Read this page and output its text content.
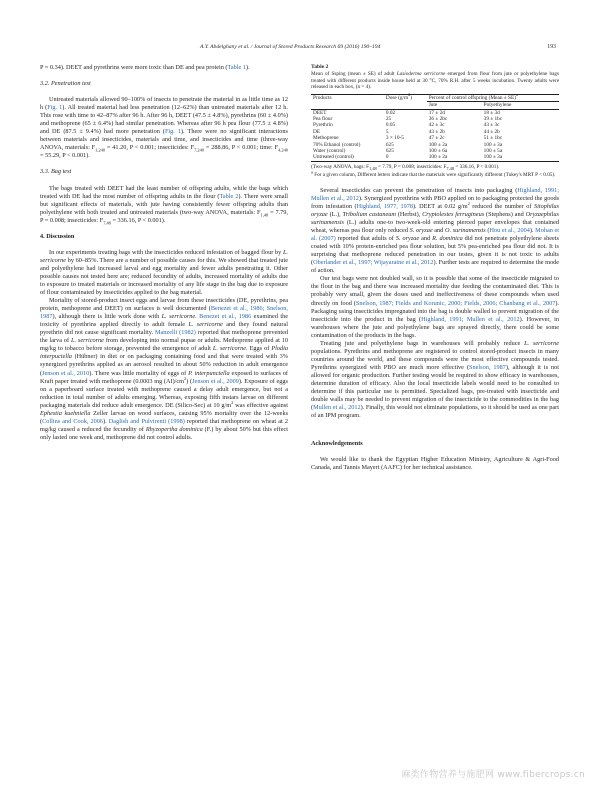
A.Y. Abdelghany et al. / Journal of Stored Products Research 69 (2016) 190–194	193

P = 0.34). DEET and pyrethrins were more toxic than DE and pea protein (Table 1).

3.2. Penetration test

Untreated materials allowed 90–100% of insects to penetrate the material in as little time as 12 h (Fig. 1). All treated material had less penetration (12–62%) than untreated materials after 12 h. This rose with time to 42–87% after 96 h. After 96 h, DEET (47.5 ± 4.8%), pyrethrins (60 ± 4.0%) and methoprene (65 ± 6.4%) had similar penetration. Whereas after 96 h pea flour (77.5 ± 4.8%) and DE (87.5 ± 9.4%) had more penetration (Fig. 1). There were no significant interactions between materials and insecticides, materials and time, and insecticides and time (three-way ANOVA, materials: $F_{1,240} = 41.20$, P < 0.001; insecticides: $F_{7,240} = 288.86$, P < 0.001; time: $F_{4,240} = 55.29$, P < 0.001).

3.3. Bag test

The bags treated with DEET had the least number of offspring adults, while the bags which treated with DE had the most number of offspring adults in the flour (Table 2). There were small but significant effects of materials, with jute having consistently fewer offspring adults than polyethylene with both treated and untreated materials (two-way ANOVA, materials: $F_{1,48} = 7.79$, P = 0.008; insecticides: $F_{7,48} = 336.16$, P < 0.001).

4. Discussion

In our experiments treating bags with the insecticides reduced infestation of bagged flour by L. serricorne by 60–85%. There are a number of possible causes for this. We showed that treated jute and polyethylene had increased larval and egg mortality and fewer adults penetrating it. Other possible causes not tested here are; reduced fecundity of adults, increased mortality of adults due to exposure to treated materials or increased mortality of any life stage in the bag due to exposure of flour contaminated by insecticides applied to the bag material.

Mortality of stored-product insect eggs and larvae from these insecticides (DE, pyrethrins, pea protein, methoprene and DEET) on surfaces is well documented (Benezet et al., 1986; Snelson, 1987), although there is little work done with L. serricorne. Benezet et al., 1986 examined the toxicity of pyrethrins applied directly to adult female L. serricorne and they found natural pyrethrin did not cause significant mortality. Manzelli (1982) reported that methoprene prevented the larva of L. serricorne from developing into normal pupae or adults. Methoprene applied at 10 mg/kg to tobacco before storage, prevented the emergence of adult L. serricorne. Eggs of Plodia interpuctella (Hübner) in diet or on packaging containing food and that were treated with 3% synergized pyrethrins applied as an aerosol resulted in about 50% reduction in adult emergence (Jenson et al., 2010). There was little mortality of eggs of P. interpunctella exposed to surfaces of Kraft paper treated with methoprene (0.0003 mg $(AI)/cm^2$) (Jenson et al., 2009). Exposure of eggs on a paperboard surface treated with methoprene caused a delay adult emergence, but not a reduction in total number of adults emerging. Whereas, exposing fifth instars larvae on different packaging materials did reduce adult emergence. DE (Silico-Sec) at 10 $g/m^2$ was effective against Ephestia kuehniella Zeller larvae on wood surfaces, causing 95% mortality over the 12-weeks (Collins and Cook, 2006). Daglish and Pulvirenti (1998) reported that methoprene on wheat at 2 mg/kg caused a reduced the fecundity of Rhyzopertha dominica (F.) by about 50% but this effect only lasted one week and, methoprene did not control adults.

Table 2
Mean of Ssping (mean ± SE) of adult Lasioderma serricorne emerged from flour from jute or polyethylene bags treated with different products inside house held at 30 °C, 70% R.H. after 5 weeks incubation. Twenty adults were released in each box, (n = 4).
Products	Dose $(g/m^2)$	Percent of control offspring (Mean ± SE)$^a$
		Jute	Polyethylene
DEET	0.02	17 ± 2d	18 ± 3d
Pea flour	25	36 ± 2bc	39 ± 1bc
Pyrethrin	0.05	42 ± 3c	43 ± 3c
DE	5	43 ± 2b	44 ± 2b
Methoprene	3 × 10-5	47 ± 2c	51 ± 1bc
70% Ethanol (control)	625	100 ± 2a	100 ± 3a
Water (control)	625	100 ± 6a	100 ± 5a
Untreated (control)	0	100 ± 2a	100 ± 3a
(Two-way ANOVA, bags: $F_{1,48} = 7.79$, P = 0.008; insecticides: $F_{7,48} = 336.16$, P < 0.001).
$^a$ For a given column, Different letters indicate that the materials were significantly different (Tukey's MRT P < 0.05).

Several insecticides can prevent the penetration of insects into packaging (Highland, 1991; Mullen et al., 2012). Synergized pyrethrins with PBO applied on to packaging protected the goods from infestation (Highland, 1977, 1978). DEET at 0.02 $g/m^2$ reduced the number of Sitophilus oryzae (L.), Tribolium castaneum (Herbst), Cryptolestes ferrugineus (Stephens) and Oryzaephilus surinamensis (L.) adults one-to two-week-old entering pierced paper envelopes that contained wheat, whereas pea flour only reduced S. oryzae and O. surinamensis (Hou et al., 2004). Mohan et al. (2007) reported that adults of S. oryzae and R. dominica did not penetrate polyethylene sheets coated with 10% protein-enriched pea flour solution, but 5% pea-enriched pea flour did not. It is surprising that methoprene reduced penetration in our testes, given it is not toxic to adults (Oberlander et al., 1997; Wijayaratne et al., 2012). Further tests are required to determine the mode of action.

Our test bags were not doubled wall, so it is possible that some of the insecticide migrated to the flour in the bag and there was increased mortality due feeding the contaminated diet. This is probably very small, given the doses used and ineffectiveness of these compounds when used directly on food (Snelson, 1987; Fields and Korunic, 2000; Fields, 2006; Chanbang et al., 2007). Packaging using insecticides impregnated into the bag is double walled to prevent migration of the insecticide into the product in the bag (Highland, 1991; Mullen et al., 2012). However, in warehouses where the jute and polyethylene bags are sprayed directly, there could be some contamination of the products in the bags.

Treating jute and polyethylene bags in warehouses will probably reduce L. serricorne populations. Pyrethrins and methoprene are registered to control stored-product insects in many countries around the world, and these compounds were the most effective compounds tested. Pyrethrins synergized with PBO are much more effective (Snelson, 1987), although it is not allowed for organic production. Further testing would be required to show efficacy in warehouses, determine duration of efficacy. Also the local insecticide labels would need to be consulted to determine if this particular use is permitted. Specialized bags, pre-treated with insecticide and double walls may be needed to prevent migration of the insecticide to the commodities in the bag (Mullen et al., 2012). Finally, this would not eliminate populations, so it should be used as one part of an IPM program.

Acknowledgements

We would like to thank the Egyptian Higher Education Ministry, Agriculture & Agri-Food Canada, and Tannis Mayert (AAFC) for her technical assistance.

麻类作物营养与施肥网 www.fibercrops.cn
